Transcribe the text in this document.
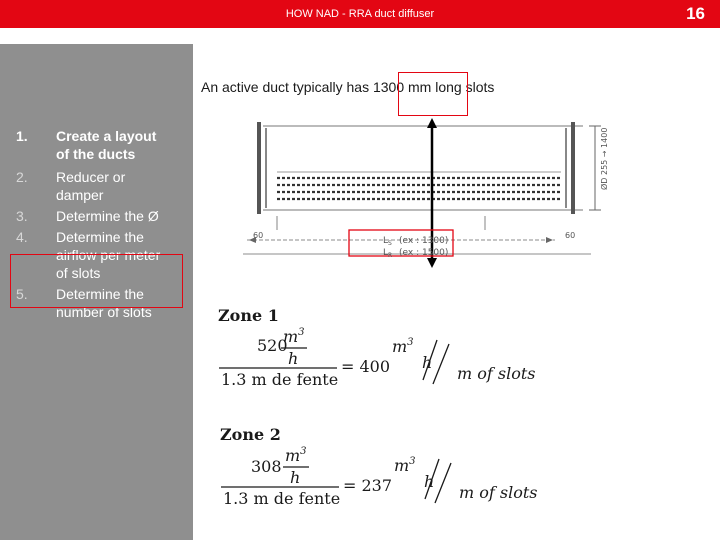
HOW NAD - RRA duct diffuser	16
An active duct typically has 1300 mm long slots
1. Create a layout
of the ducts
2. Reducer or
damper
3. Determine the Ø
4. Determine the
airflow per meter
of slots
5. Determine the
number of slots
ØD 255 → 1400
60	60
$L_S$ (ex : 1300)
$L_R$ (ex : 1500)
Zone 1
520
$m^3$
h
1.3 m de fente
= 400
$m^3$
h
m of slots
Zone 2
308
$m^3$
h
1.3 m de fente
= 237
$m^3$
h
m of slots
